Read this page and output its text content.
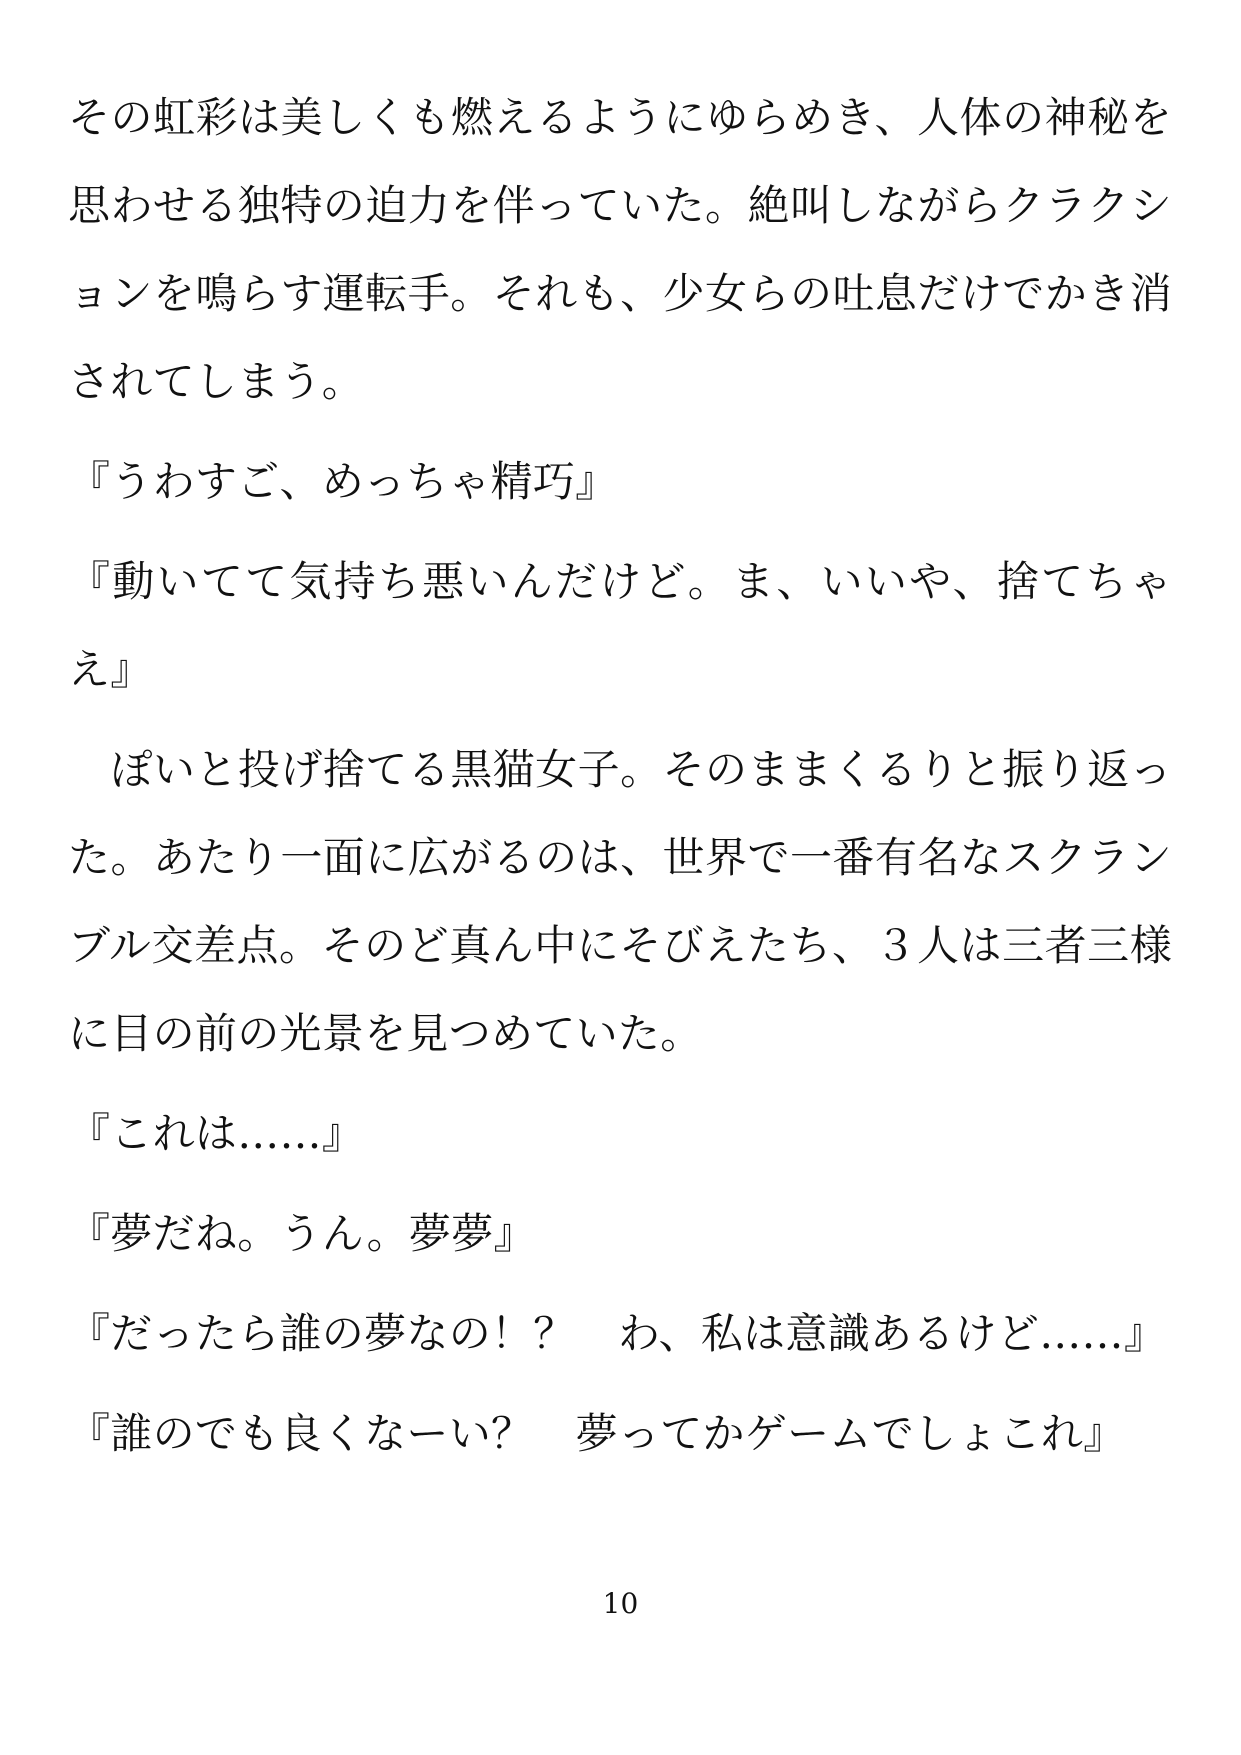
その虹彩は美しくも燃えるようにゆらめき、人体の神秘を
思わせる独特の迫力を伴っていた。絶叫しながらクラクシ
ョンを鳴らす運転手。それも、少女らの吐息だけでかき消
されてしまう。

『うわすご、めっちゃ精巧』

『動いてて気持ち悪いんだけど。ま、いいや、捨てちゃ
え』

　ぽいと投げ捨てる黒猫女子。そのままくるりと振り返っ
た。あたり一面に広がるのは、世界で一番有名なスクラン
ブル交差点。そのど真ん中にそびえたち、３人は三者三様
に目の前の光景を見つめていた。

『これは……』

『夢だね。うん。夢夢』

『だったら誰の夢なの！？　わ、私は意識あるけど……』

『誰のでも良くなーい？　夢ってかゲームでしょこれ』

10
